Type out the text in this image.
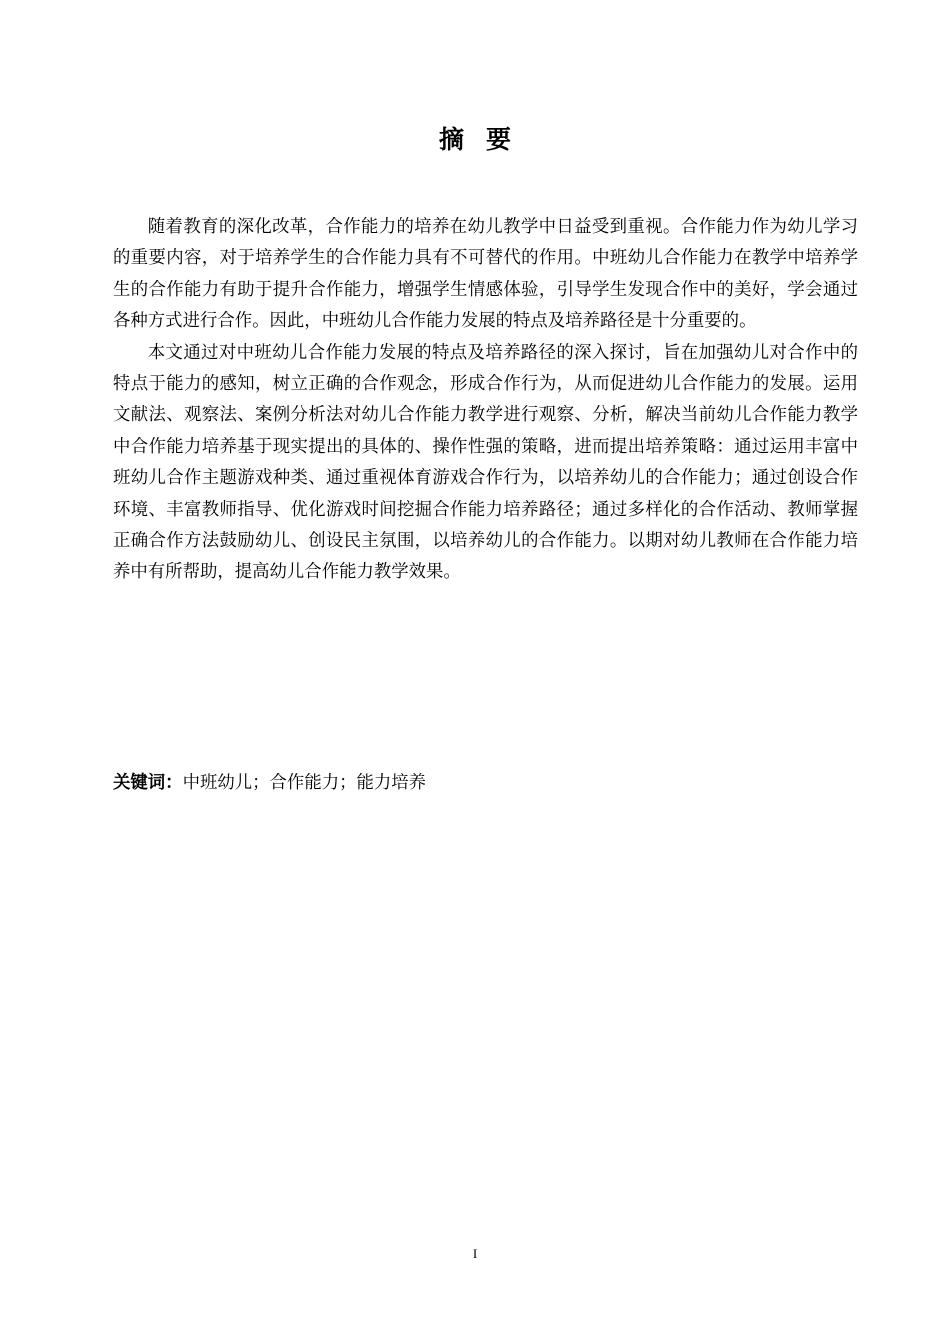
摘要

随着教育的深化改革，合作能力的培养在幼儿教学中日益受到重视。合作能力作为幼儿学习的重要内容，对于培养学生的合作能力具有不可替代的作用。中班幼儿合作能力在教学中培养学生的合作能力有助于提升合作能力，增强学生情感体验，引导学生发现合作中的美好，学会通过各种方式进行合作。因此，中班幼儿合作能力发展的特点及培养路径是十分重要的。

本文通过对中班幼儿合作能力发展的特点及培养路径的深入探讨，旨在加强幼儿对合作中的特点于能力的感知，树立正确的合作观念，形成合作行为，从而促进幼儿合作能力的发展。运用文献法、观察法、案例分析法对幼儿合作能力教学进行观察、分析，解决当前幼儿合作能力教学中合作能力培养基于现实提出的具体的、操作性强的策略，进而提出培养策略：通过运用丰富中班幼儿合作主题游戏种类、通过重视体育游戏合作行为，以培养幼儿的合作能力；通过创设合作环境、丰富教师指导、优化游戏时间挖掘合作能力培养路径；通过多样化的合作活动、教师掌握正确合作方法鼓励幼儿、创设民主氛围，以培养幼儿的合作能力。以期对幼儿教师在合作能力培养中有所帮助，提高幼儿合作能力教学效果。

关键词：中班幼儿；合作能力；能力培养
I
